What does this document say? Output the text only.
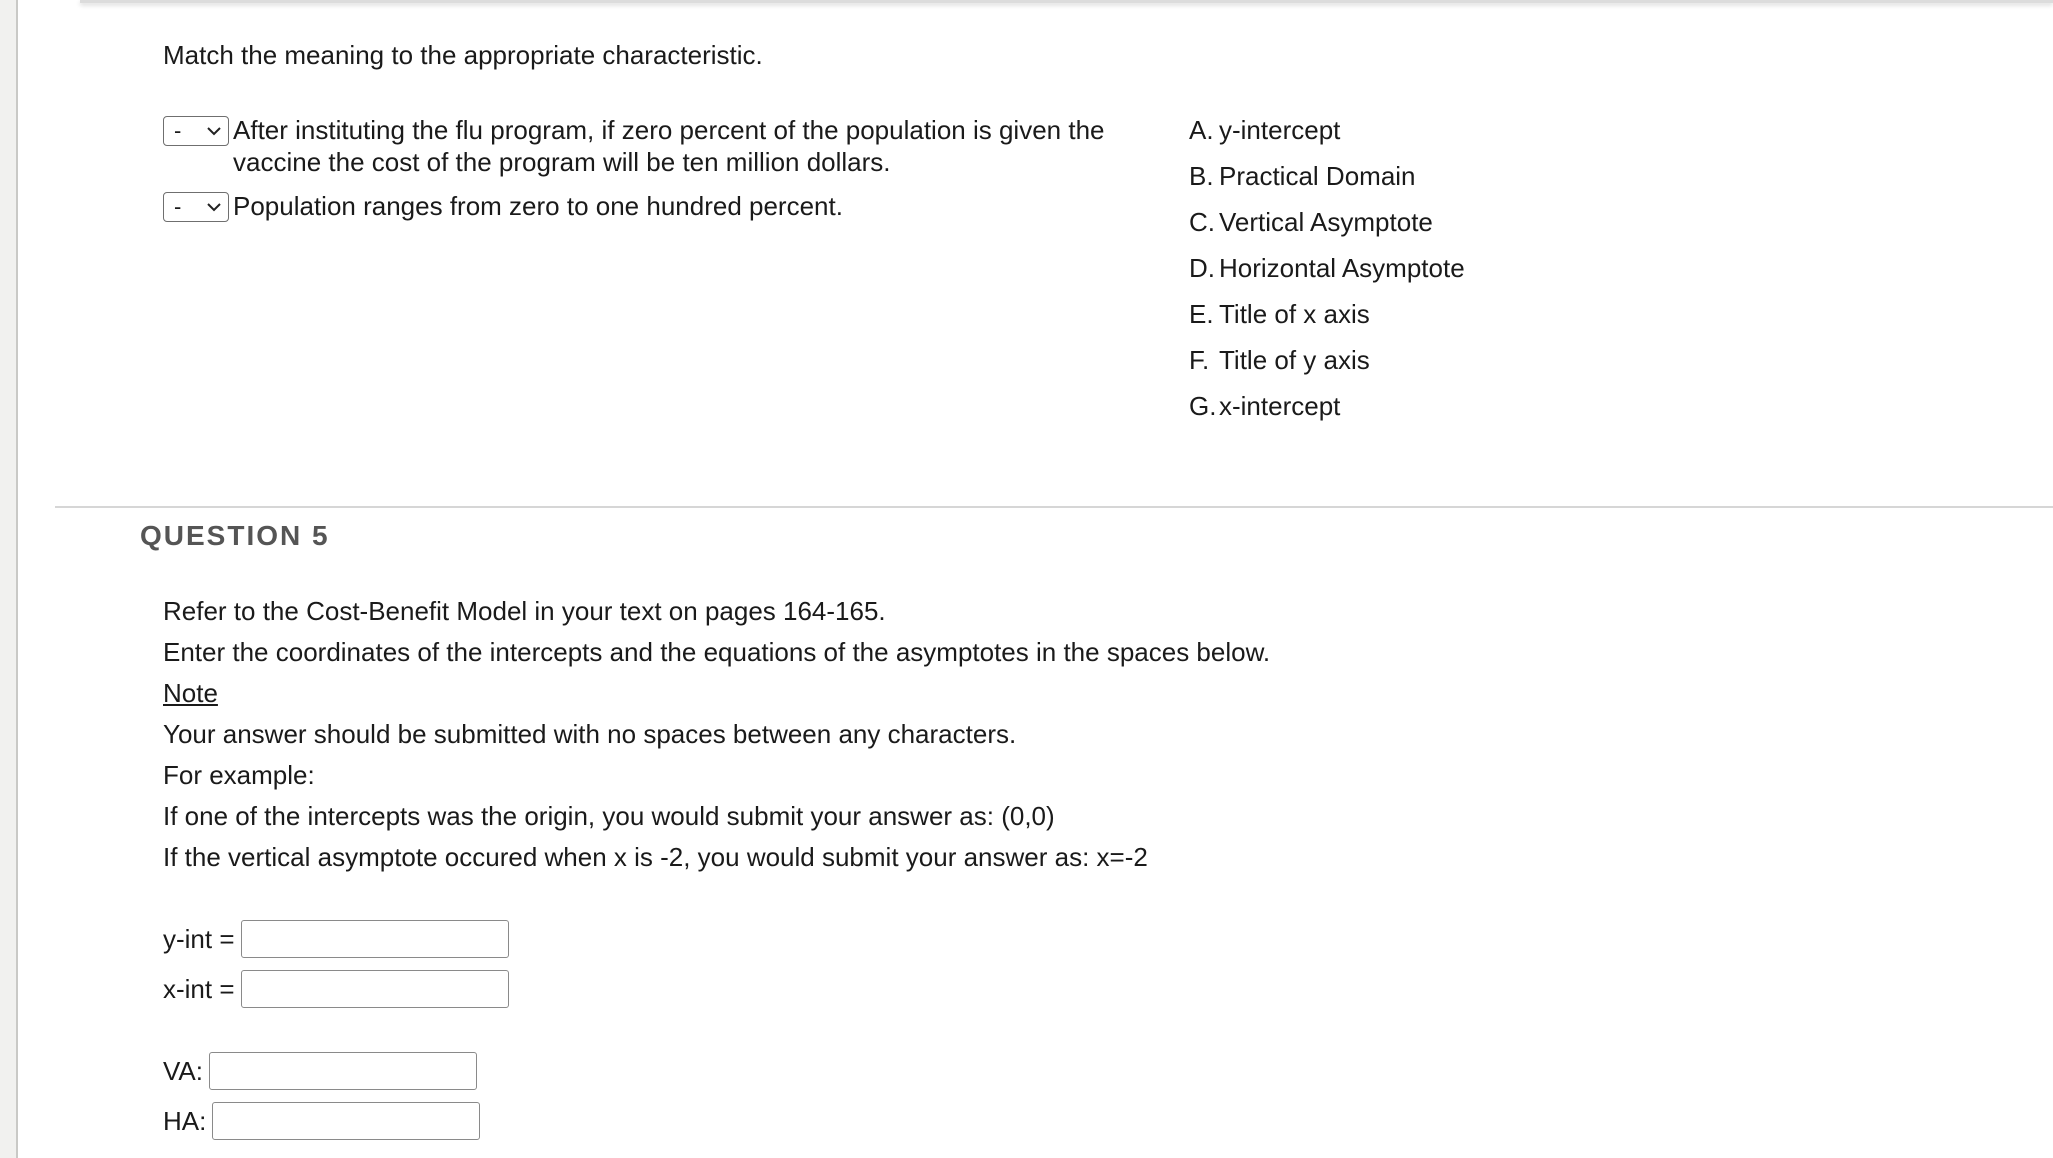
Match the meaning to the appropriate characteristic.

- After instituting the flu program, if zero percent of the population is given the vaccine the cost of the program will be ten million dollars.
- Population ranges from zero to one hundred percent.
A. y-intercept
B. Practical Domain
C. Vertical Asymptote
D. Horizontal Asymptote
E. Title of x axis
F. Title of y axis
G. x-intercept
QUESTION 5

Refer to the Cost-Benefit Model in your text on pages 164-165.

Enter the coordinates of the intercepts and the equations of the asymptotes in the spaces below.

Note

Your answer should be submitted with no spaces between any characters.

For example:

If one of the intercepts was the origin, you would submit your answer as: (0,0)

If the vertical asymptote occured when x is -2, you would submit your answer as: x=-2

y-int =
x-int =
VA:
HA:
